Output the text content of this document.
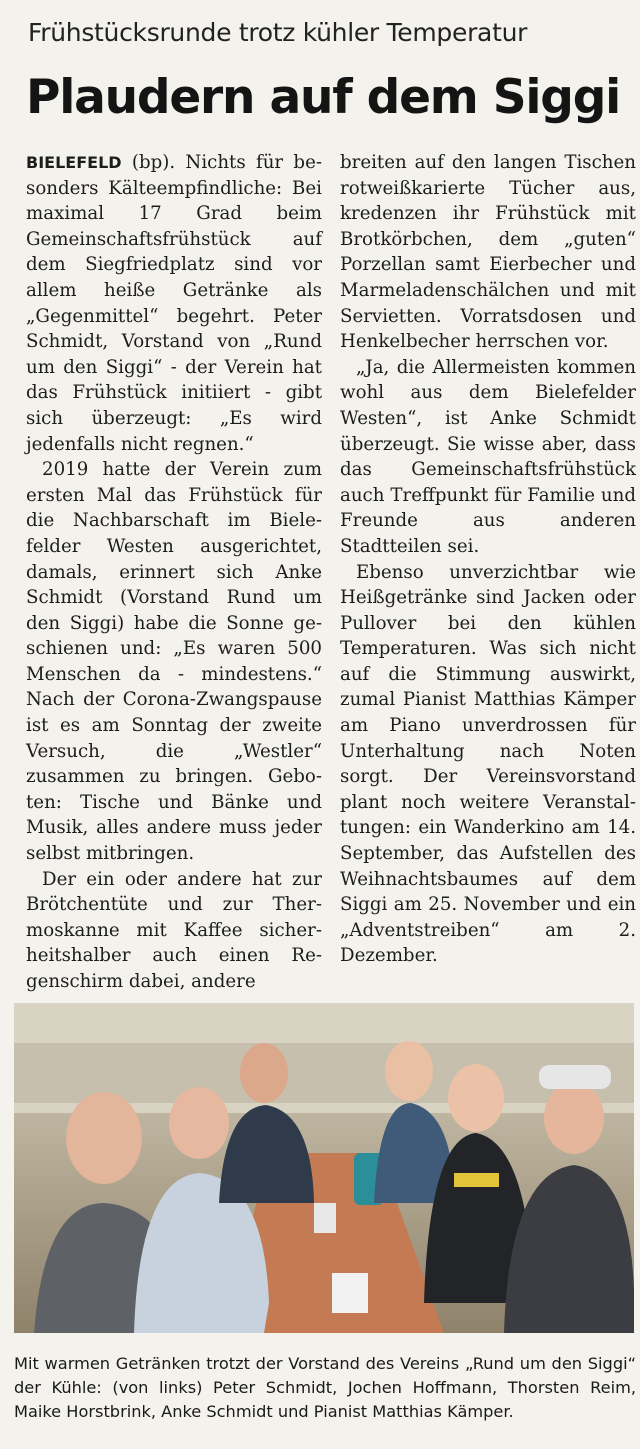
Frühstücksrunde trotz kühler Temperatur
Plaudern auf dem Siggi

BIELEFELD (bp). Nichts für besonders Kälteempfindliche: Bei maximal 17 Grad beim Gemeinschaftsfrühstück auf dem Siegfriedplatz sind vor allem heiße Getränke als „Gegenmittel“ begehrt. Peter Schmidt, Vorstand von „Rund um den Siggi“ - der Verein hat das Frühstück initiiert - gibt sich überzeugt: „Es wird jedenfalls nicht regnen.“

2019 hatte der Verein zum ersten Mal das Frühstück für die Nachbarschaft im Bielefelder Westen ausgerichtet, damals, erinnert sich Anke Schmidt (Vorstand Rund um den Siggi) habe die Sonne geschienen und: „Es waren 500 Menschen da - mindestens.“ Nach der Corona-Zwangspause ist es am Sonntag der zweite Versuch, die „Westler“ zusammen zu bringen. Geboten: Tische und Bänke und Musik, alles andere muss jeder selbst mitbringen.

Der ein oder andere hat zur Brötchentüte und zur Thermoskanne mit Kaffee sicherheitshalber auch einen Regenschirm dabei, andere

breiten auf den langen Tischen rotweißkarierte Tücher aus, kredenzen ihr Frühstück mit Brotkörbchen, dem „guten“ Porzellan samt Eierbecher und Marmeladenschälchen und mit Servietten. Vorratsdosen und Henkelbecher herrschen vor.

„Ja, die Allermeisten kommen wohl aus dem Bielefelder Westen“, ist Anke Schmidt überzeugt. Sie wisse aber, dass das Gemeinschaftsfrühstück auch Treffpunkt für Familie und Freunde aus anderen Stadtteilen sei.

Ebenso unverzichtbar wie Heißgetränke sind Jacken oder Pullover bei den kühlen Temperaturen. Was sich nicht auf die Stimmung auswirkt, zumal Pianist Matthias Kämper am Piano unverdrossen für Unterhaltung nach Noten sorgt. Der Vereinsvorstand plant noch weitere Veranstaltungen: ein Wanderkino am 14. September, das Aufstellen des Weihnachtsbaumes auf dem Siggi am 25. November und ein „Adventstreiben“ am 2. Dezember.

Mit warmen Getränken trotzt der Vorstand des Vereins „Rund um den Siggi“ der Kühle: (von links) Peter Schmidt, Jochen Hoffmann, Thorsten Reim, Maike Horstbrink, Anke Schmidt und Pianist Matthias Kämper.
